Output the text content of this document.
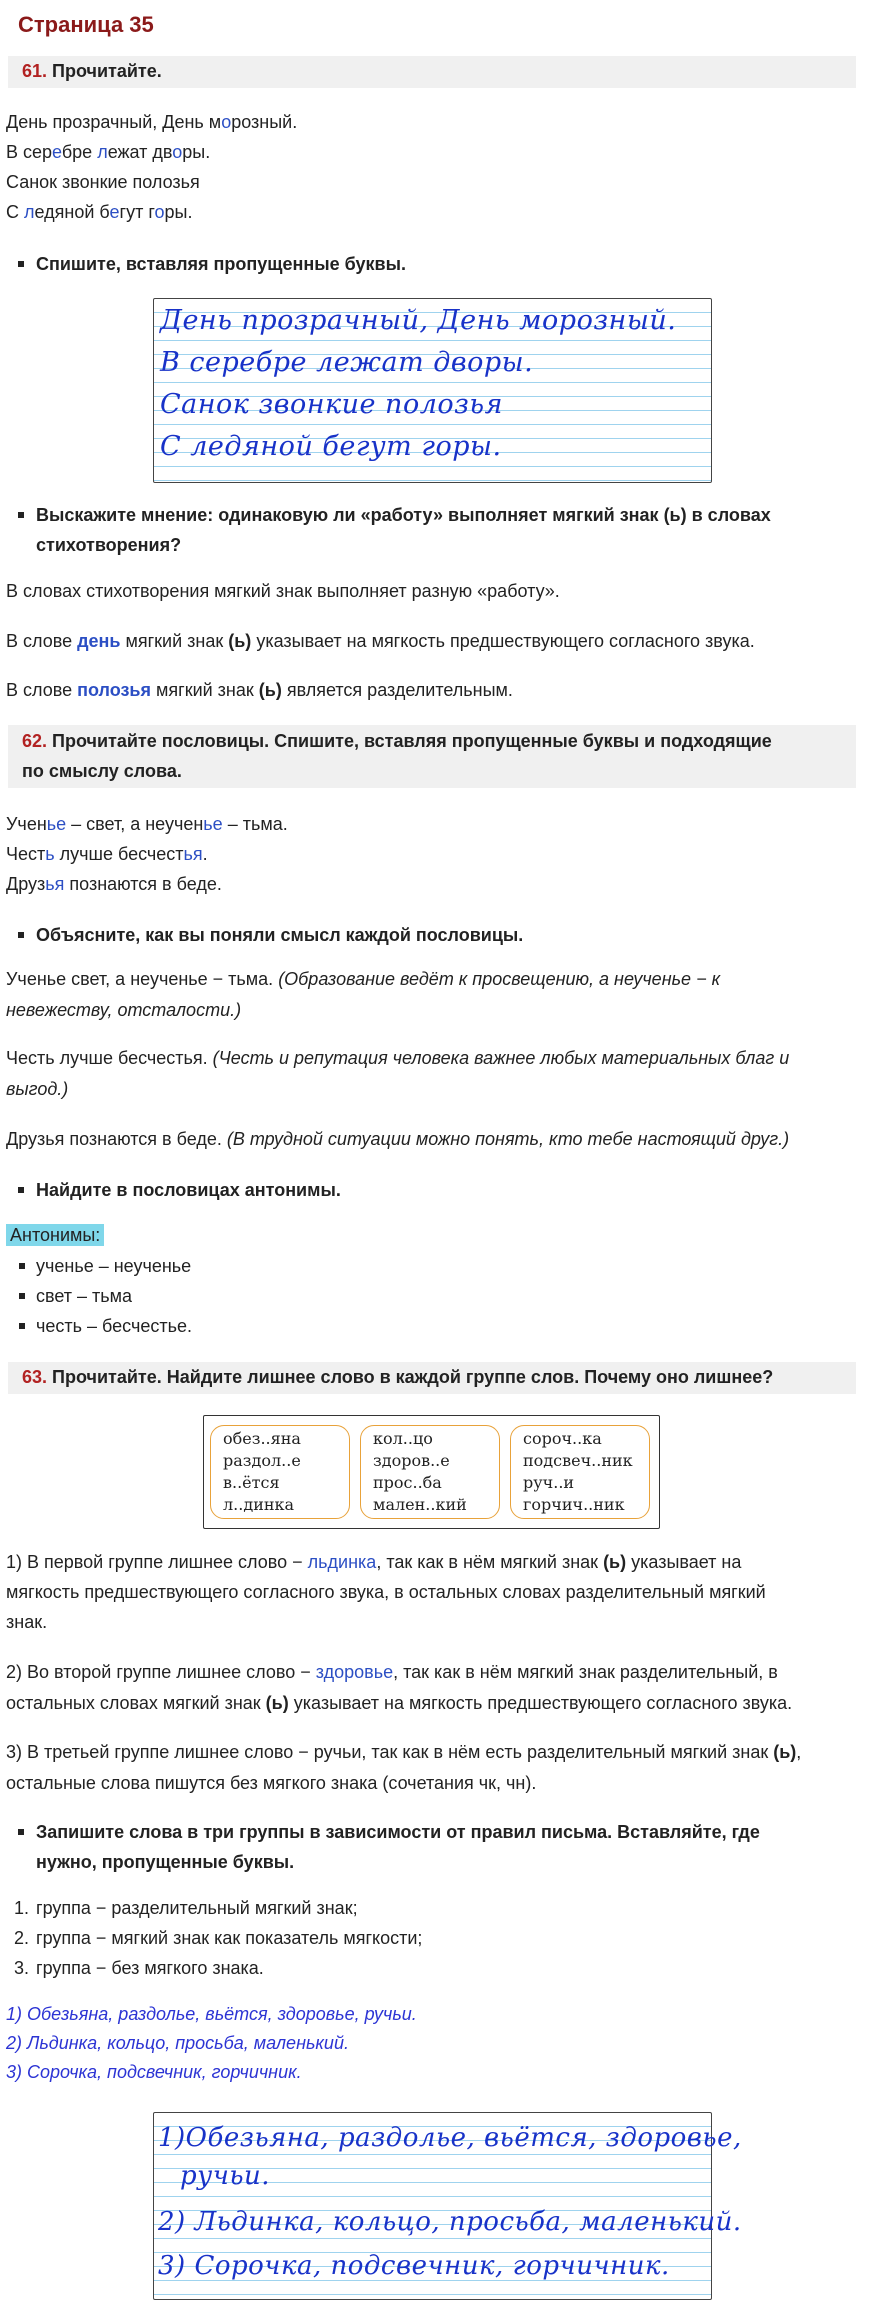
Страница 35
61. Прочитайте.
День прозрачный, День морозный.
В серебре лежат дворы.
Санок звонкие полозья
С ледяной бегут горы.
Спишите, вставляя пропущенные буквы.
День прозрачный, День морозный.
В серебре лежат дворы.
Санок звонкие полозья
С ледяной бегут горы.
Выскажите мнение: одинаковую ли «работу» выполняет мягкий знак (ь) в словах
стихотворения?
В словах стихотворения мягкий знак выполняет разную «работу».
В слове день мягкий знак (ь) указывает на мягкость предшествующего согласного звука.
В слове полозья мягкий знак (ь) является разделительным.
62. Прочитайте пословицы. Спишите, вставляя пропущенные буквы и подходящие
по смыслу слова.
Ученье – свет, а неученье – тьма.
Честь лучше бесчестья.
Друзья познаются в беде.
Объясните, как вы поняли смысл каждой пословицы.
Ученье свет, а неученье − тьма. (Образование ведёт к просвещению, а неученье − к
невежеству, отсталости.)
Честь лучше бесчестья. (Честь и репутация человека важнее любых материальных благ и
выгод.)
Друзья познаются в беде. (В трудной ситуации можно понять, кто тебе настоящий друг.)
Найдите в пословицах антонимы.
Антонимы:
ученье – неученье
свет – тьма
честь – бесчестье.
63. Прочитайте. Найдите лишнее слово в каждой группе слов. Почему оно лишнее?
обез..яна
раздол..е
в..ётся
л..динка
кол..цо
здоров..е
прос..ба
мален..кий
сороч..ка
подсвеч..ник
руч..и
горчич..ник
1) В первой группе лишнее слово − льдинка, так как в нём мягкий знак (ь) указывает на
мягкость предшествующего согласного звука, в остальных словах разделительный мягкий
знак.
2) Во второй группе лишнее слово − здоровье, так как в нём мягкий знак разделительный, в
остальных словах мягкий знак (ь) указывает на мягкость предшествующего согласного звука.
3) В третьей группе лишнее слово − ручьи, так как в нём есть разделительный мягкий знак (ь),
остальные слова пишутся без мягкого знака (сочетания чк, чн).
Запишите слова в три группы в зависимости от правил письма. Вставляйте, где
нужно, пропущенные буквы.
1. группа − разделительный мягкий знак;
2. группа − мягкий знак как показатель мягкости;
3. группа − без мягкого знака.
1) Обезьяна, раздолье, вьётся, здоровье, ручьи.
2) Льдинка, кольцо, просьба, маленький.
3) Сорочка, подсвечник, горчичник.
1)Обезьяна, раздолье, вьётся, здоровье,
ручьи.
2) Льдинка, кольцо, просьба, маленький.
3) Сорочка, подсвечник, горчичник.
